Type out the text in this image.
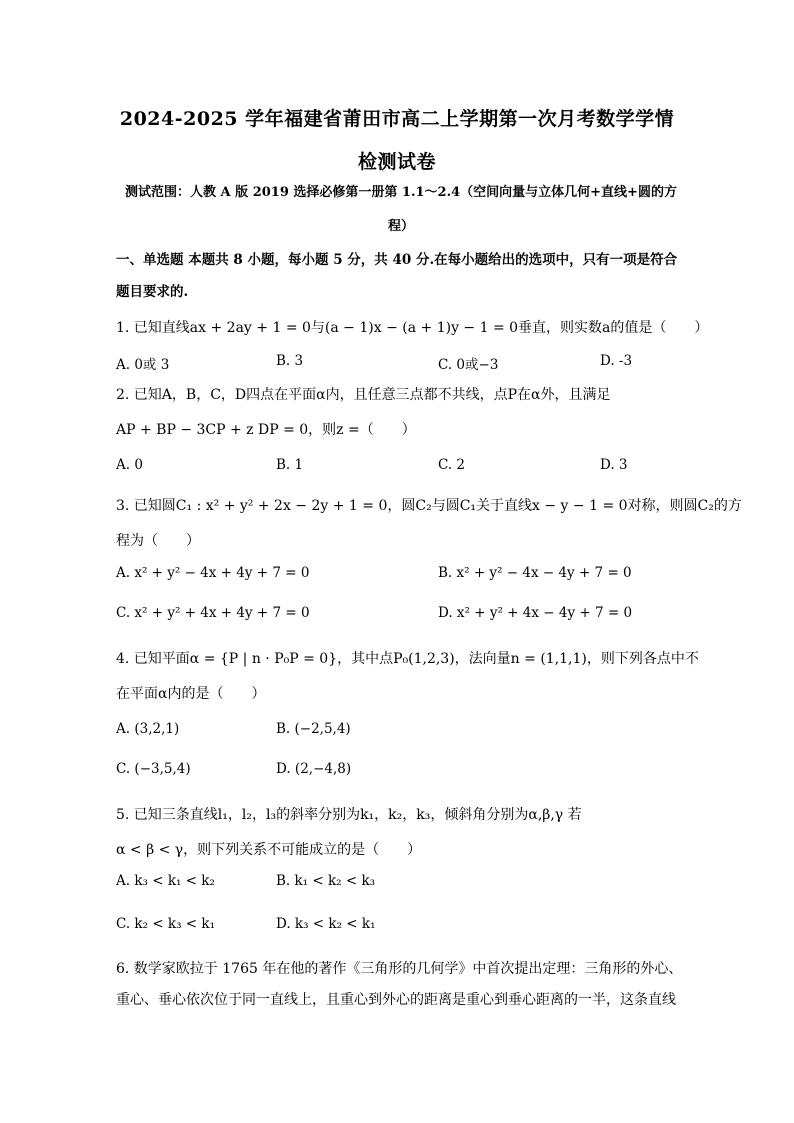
2024-2025 学年福建省莆田市高二上学期第一次月考数学学情
检测试卷
测试范围：人教 A 版 2019 选择必修第一册第 1.1～2.4（空间向量与立体几何+直线+圆的方程）
一、单选题 本题共 8 小题，每小题 5 分，共 40 分.在每小题给出的选项中，只有一项是符合
题目要求的.
1. 已知直线ax + 2ay + 1 = 0与(a − 1)x − (a + 1)y − 1 = 0垂直，则实数a的值是（　　）
A. 0或 3	B. 3	C. 0或−3	D. -3
2. 已知A，B，C，D四点在平面α内，且任意三点都不共线，点P在α外，且满足
AP + BP − 3CP + z DP = 0，则z =（　　）
A. 0	B. 1	C. 2	D. 3
3. 已知圆C₁ : x² + y² + 2x − 2y + 1 = 0，圆C₂与圆C₁关于直线x − y − 1 = 0对称，则圆C₂的方
程为（　　）
A. x² + y² − 4x + 4y + 7 = 0	B. x² + y² − 4x − 4y + 7 = 0
C. x² + y² + 4x + 4y + 7 = 0	D. x² + y² + 4x − 4y + 7 = 0
4. 已知平面α = {P | n · P₀P = 0}，其中点P₀(1,2,3)，法向量n = (1,1,1)，则下列各点中不
在平面α内的是（　　）
A. (3,2,1)	B. (−2,5,4)
C. (−3,5,4)	D. (2,−4,8)
5. 已知三条直线l₁，l₂，l₃的斜率分别为k₁，k₂，k₃，倾斜角分别为α,β,γ 若
α < β < γ，则下列关系不可能成立的是（　　）
A. k₃ < k₁ < k₂	B. k₁ < k₂ < k₃
C. k₂ < k₃ < k₁	D. k₃ < k₂ < k₁
6. 数学家欧拉于 1765 年在他的著作《三角形的几何学》中首次提出定理：三角形的外心、
重心、垂心依次位于同一直线上，且重心到外心的距离是重心到垂心距离的一半，这条直线
